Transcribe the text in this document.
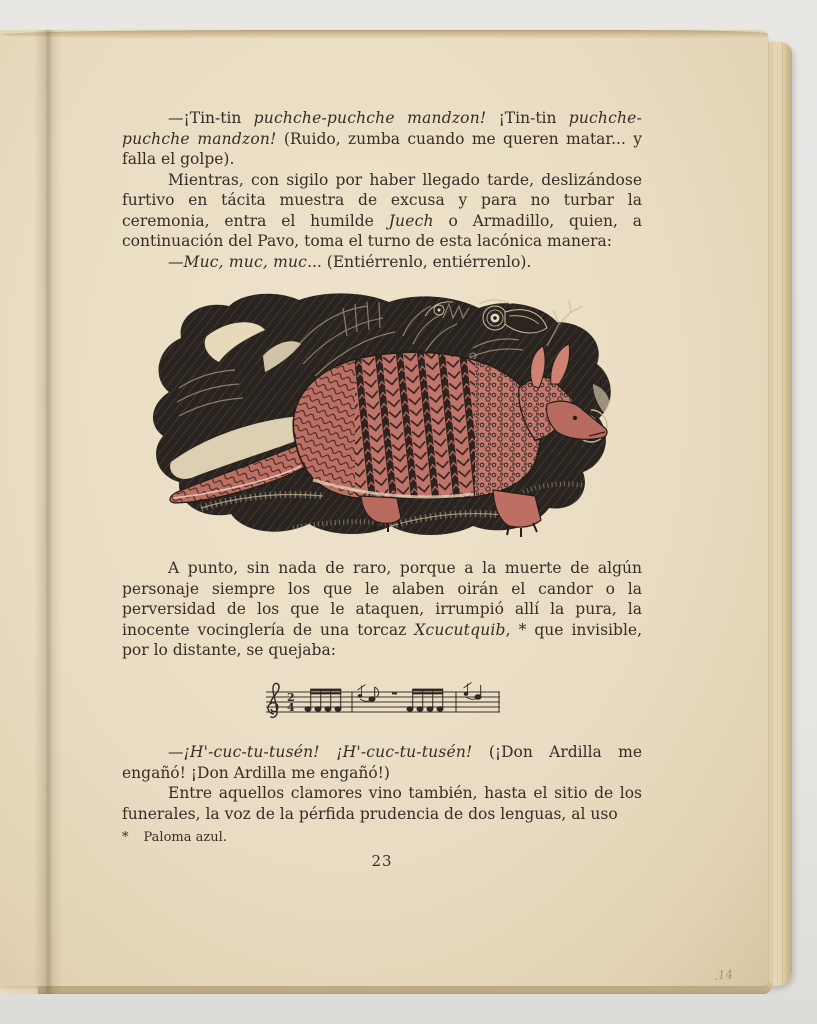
—¡Tin-tin puchche-puchche mandzon! ¡Tin-tin puchche-puchche mandzon! (Ruido, zumba cuando me queren matar... y falla el golpe).

Mientras, con sigilo por haber llegado tarde, deslizándose furtivo en tácita muestra de excusa y para no turbar la ceremonia, entra el humilde Juech o Armadillo, quien, a continuación del Pavo, toma el turno de esta lacónica manera:

—Muc, muc, muc... (Entiérrenlo, entiérrenlo).

A punto, sin nada de raro, porque a la muerte de algún personaje siempre los que le alaben oirán el candor o la perversidad de los que le ataquen, irrumpió allí la pura, la inocente vocinglería de una torcaz Xcucutquib, * que invisible, por lo distante, se quejaba:

2
4

—¡H'-cuc-tu-tusén! ¡H'-cuc-tu-tusén! (¡Don Ardilla me engañó! ¡Don Ardilla me engañó!)

Entre aquellos clamores vino también, hasta el sitio de los funerales, la voz de la pérfida prudencia de dos lenguas, al uso

* Paloma azul.
23
.14
